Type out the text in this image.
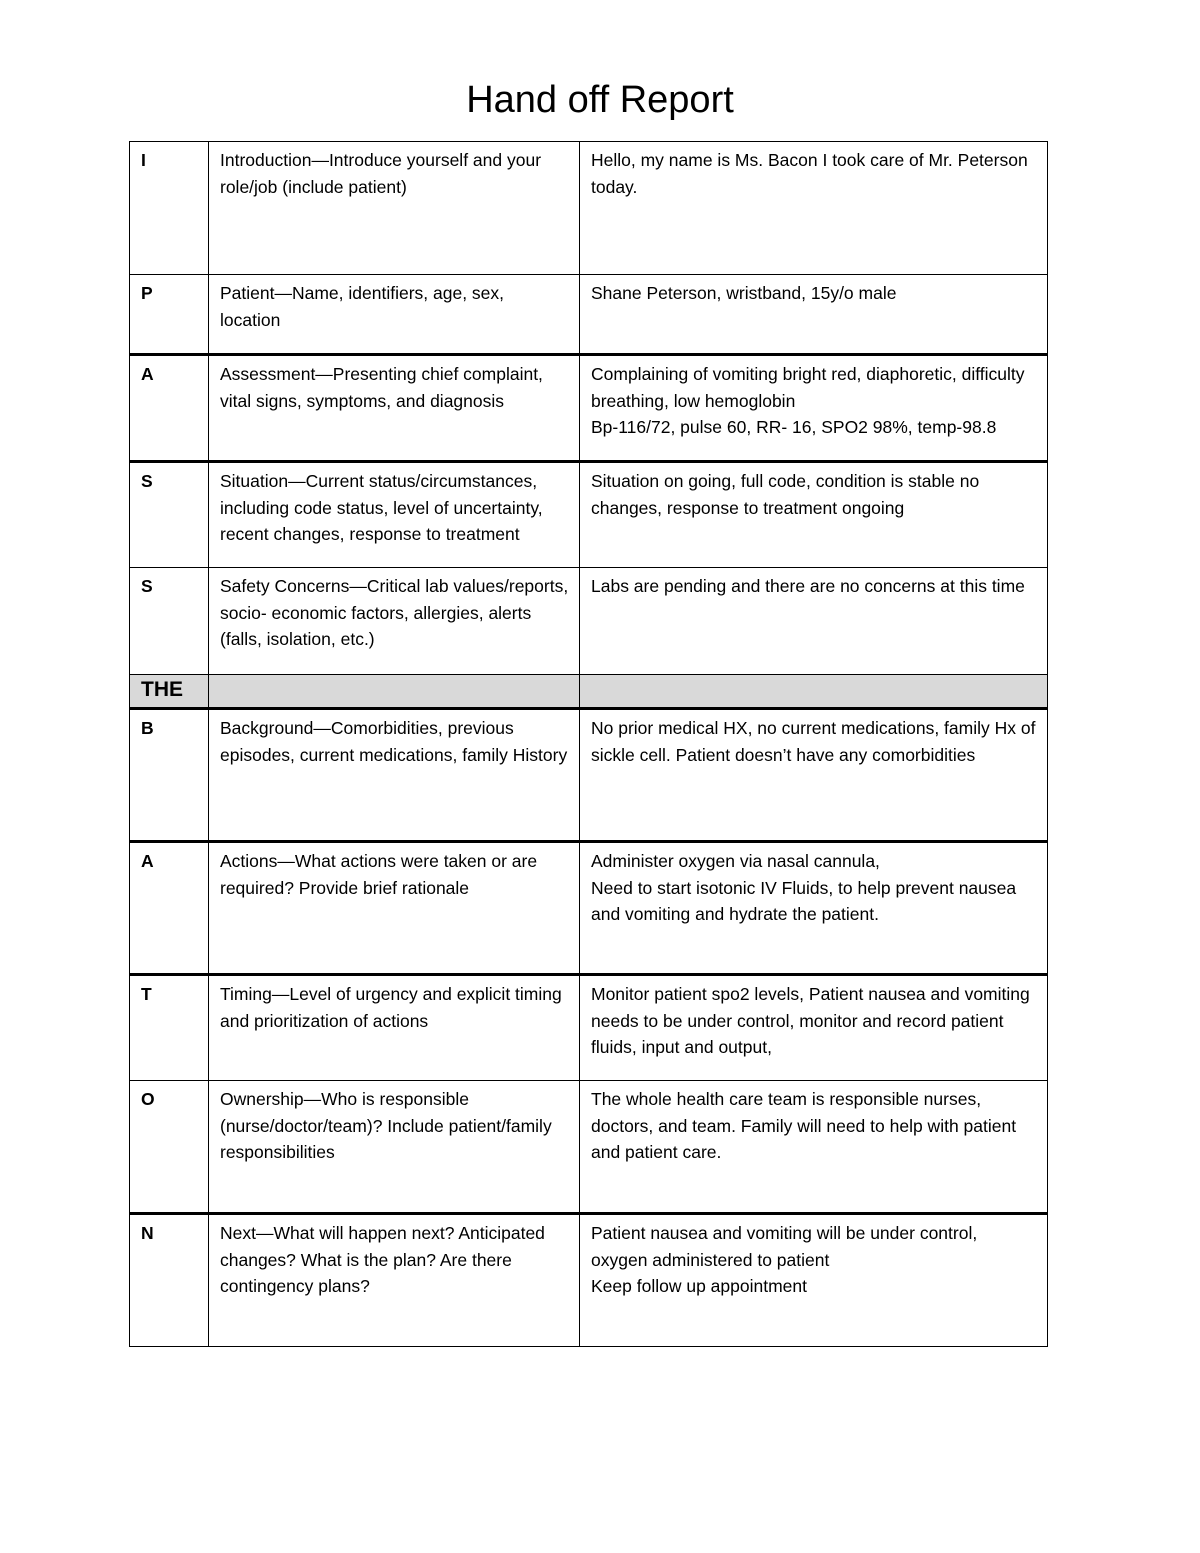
Hand off Report
I	Introduction—Introduce yourself and your role/job (include patient)	Hello, my name is Ms. Bacon I took care of Mr. Peterson today.
P	Patient—Name, identifiers, age, sex, location	Shane Peterson, wristband, 15y/o male
A	Assessment—Presenting chief complaint, vital signs, symptoms, and diagnosis	Complaining of vomiting bright red, diaphoretic, difficulty breathing, low hemoglobin
Bp-116/72, pulse 60, RR- 16, SPO2 98%, temp-98.8
S	Situation—Current status/circumstances, including code status, level of uncertainty, recent changes, response to treatment	Situation on going, full code, condition is stable no changes, response to treatment ongoing
S	Safety Concerns—Critical lab values/reports, socio- economic factors, allergies, alerts (falls, isolation, etc.)	Labs are pending and there are no concerns at this time
THE		
B	Background—Comorbidities, previous episodes, current medications, family History	No prior medical HX, no current medications, family Hx of sickle cell. Patient doesn’t have any comorbidities
A	Actions—What actions were taken or are required? Provide brief rationale	Administer oxygen via nasal cannula,
Need to start isotonic IV Fluids, to help prevent nausea and vomiting and hydrate the patient.
T	Timing—Level of urgency and explicit timing and prioritization of actions	Monitor patient spo2 levels, Patient nausea and vomiting needs to be under control, monitor and record patient fluids, input and output,
O	Ownership—Who is responsible (nurse/doctor/team)? Include patient/family responsibilities	The whole health care team is responsible nurses, doctors, and team. Family will need to help with patient and patient care.
N	Next—What will happen next? Anticipated changes? What is the plan? Are there contingency plans?	Patient nausea and vomiting will be under control, oxygen administered to patient
Keep follow up appointment
